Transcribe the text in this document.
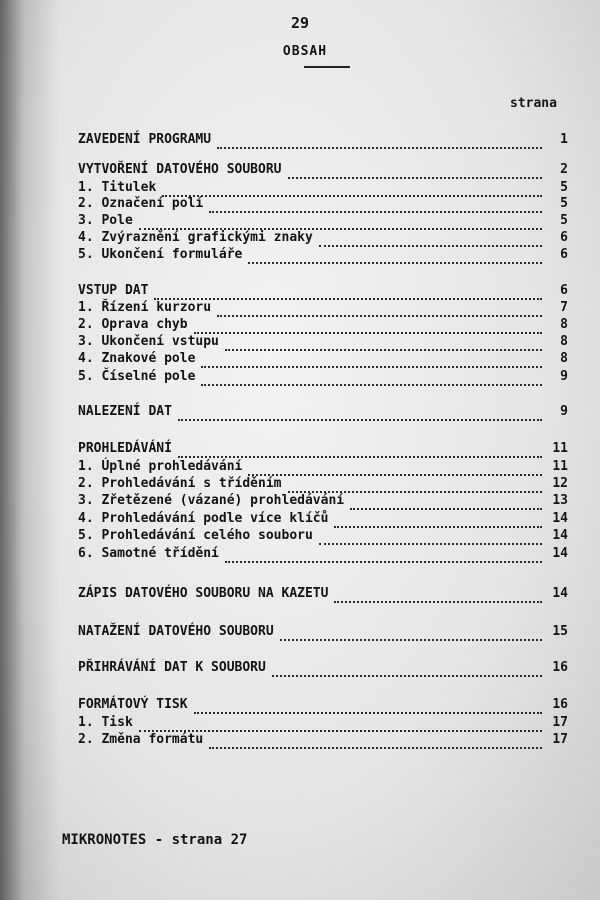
29
OBSAH
strana
ZAVEDENÍ PROGRAMU	1
VYTVOŘENÍ DATOVÉHO SOUBORU	2
1. Titulek	5
2. Označení polí	5
3. Pole	5
4. Zvýraznění grafickými znaky	6
5. Ukončení formuláře	6
VSTUP DAT	6
1. Řízení kurzoru	7
2. Oprava chyb	8
3. Ukončení vstupu	8
4. Znakové pole	8
5. Číselné pole	9
NALEZENÍ DAT	9
PROHLEDÁVÁNÍ	11
1. Úplné prohledávání	11
2. Prohledávání s tříděním	12
3. Zřetězené (vázané) prohledávání	13
4. Prohledávání podle více klíčů	14
5. Prohledávání celého souboru	14
6. Samotné třídění	14
ZÁPIS DATOVÉHO SOUBORU NA KAZETU	14
NATAŽENÍ DATOVÉHO SOUBORU	15
PŘIHRÁVÁNÍ DAT K SOUBORU	16
FORMÁTOVÝ TISK	16
1. Tisk	17
2. Změna formátu	17
MIKRONOTES - strana 27
